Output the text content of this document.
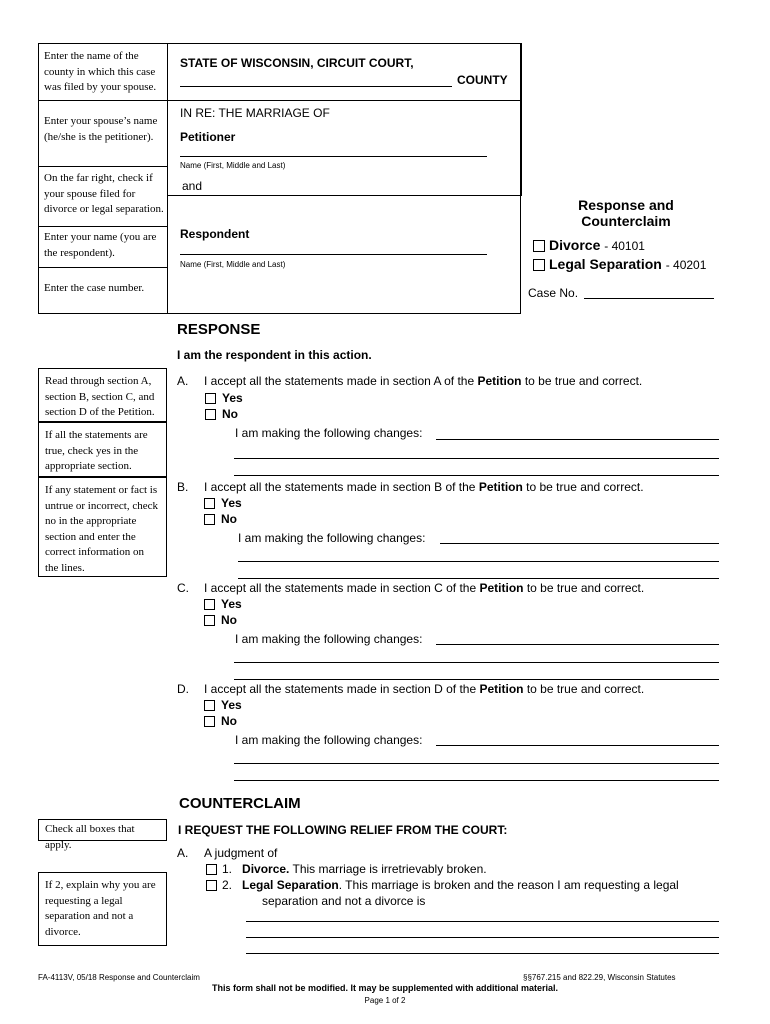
Enter the name of the county in which this case was filed by your spouse.
Enter your spouse’s name (he/she is the petitioner).
On the far right, check if your spouse filed for divorce or legal separation.
Enter your name (you are the respondent).
Enter the case number.
STATE OF WISCONSIN, CIRCUIT COURT,
COUNTY
IN RE: THE MARRIAGE OF
Petitioner
Name (First, Middle and Last)
and
Respondent
Name (First, Middle and Last)
Response and
Counterclaim
Divorce - 40101
Legal Separation - 40201
Case No.
RESPONSE
I am the respondent in this action.
Read through section A, section B, section C, and section D of the Petition.
If all the statements are true, check yes in the appropriate section.
If any statement or fact is untrue or incorrect, check no in the appropriate section and enter the correct information on the lines.
A. I accept all the statements made in section A of the Petition to be true and correct.
Yes
No
I am making the following changes:
B. I accept all the statements made in section B of the Petition to be true and correct.
Yes
No
I am making the following changes:
C. I accept all the statements made in section C of the Petition to be true and correct.
Yes
No
I am making the following changes:
D. I accept all the statements made in section D of the Petition to be true and correct.
Yes
No
I am making the following changes:
COUNTERCLAIM
Check all boxes that apply.
I REQUEST THE FOLLOWING RELIEF FROM THE COURT:
A. A judgment of
1. Divorce. This marriage is irretrievably broken.
2. Legal Separation. This marriage is broken and the reason I am requesting a legal
separation and not a divorce is
If 2, explain why you are requesting a legal separation and not a divorce.
FA-4113V, 05/18 Response and Counterclaim	§§767.215 and 822.29, Wisconsin Statutes
This form shall not be modified. It may be supplemented with additional material.
Page 1 of 2
